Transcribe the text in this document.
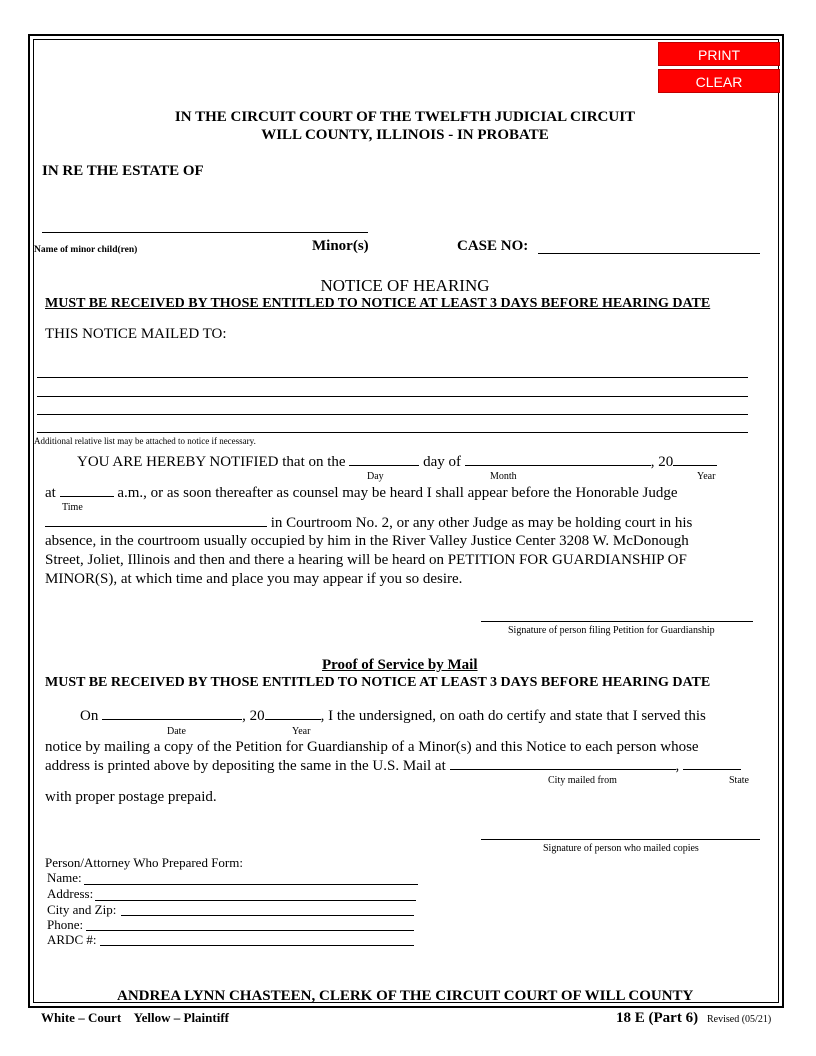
PRINT
CLEAR
IN THE CIRCUIT COURT OF THE TWELFTH JUDICIAL CIRCUIT
WILL COUNTY, ILLINOIS - IN PROBATE
IN RE THE ESTATE OF
Name of minor child(ren)	Minor(s)	CASE NO:
NOTICE OF HEARING
MUST BE RECEIVED BY THOSE ENTITLED TO NOTICE AT LEAST 3 DAYS BEFORE HEARING DATE
THIS NOTICE MAILED TO:
Additional relative list may be attached to notice if necessary.
YOU ARE HEREBY NOTIFIED that on the	day of	, 20
Day	Month	Year
at	a.m., or as soon thereafter as counsel may be heard I shall appear before the Honorable Judge
Time
in Courtroom No. 2, or any other Judge as may be holding court in his
absence, in the courtroom usually occupied by him in the River Valley Justice Center 3208 W. McDonough
Street, Joliet, Illinois and then and there a hearing will be heard on PETITION FOR GUARDIANSHIP OF
MINOR(S), at which time and place you may appear if you so desire.
Signature of person filing Petition for Guardianship
Proof of Service by Mail
MUST BE RECEIVED BY THOSE ENTITLED TO NOTICE AT LEAST 3 DAYS BEFORE HEARING DATE
On	, 20	, I the undersigned, on oath do certify and state that I served this
Date	Year
notice by mailing a copy of the Petition for Guardianship of a Minor(s) and this Notice to each person whose
address is printed above by depositing the same in the U.S. Mail at	,
City mailed from	State
with proper postage prepaid.
Signature of person who mailed copies
Person/Attorney Who Prepared Form:
Name:
Address:
City and Zip:
Phone:
ARDC #:
ANDREA LYNN CHASTEEN, CLERK OF THE CIRCUIT COURT OF WILL COUNTY
White – Court    Yellow – Plaintiff	18 E (Part 6) Revised (05/21)
